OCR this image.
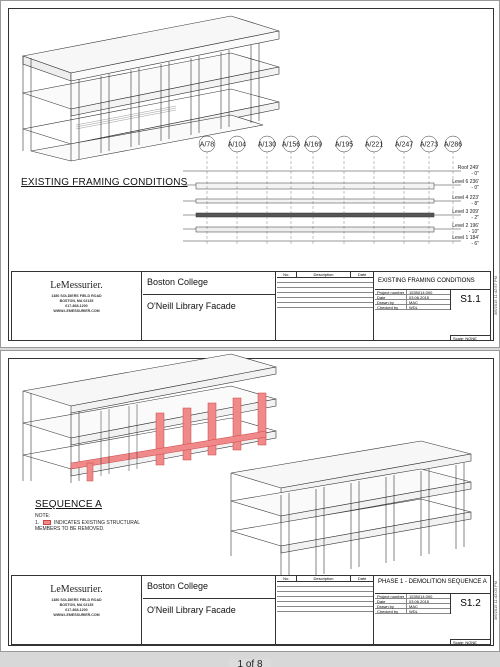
A/78 A/104 A/130 A/156 A/169 A/195 A/221 A/247 A/273 A/286
Roof 249'
- 0"
Level 6 236'
- 0"
Level 4 223'
- 8"
Level 3 209'
- 2"
Level 2 196'
- 10"
Level 1 184'
- 6"
EXISTING FRAMING CONDITIONS
LeMessurier.
1380 SOLDIERS FIELD ROAD
BOSTON, MA 02135
617-868-1200
WWW.LEMESSURIER.COM
Boston College
O'Neill Library Facade
No.	Description	Date
EXISTING FRAMING CONDITIONS
Project number	1535014.000
Date	03.06.2015
Drawn by	MAC
Checked by	WDL
S1.1
Scale: NONE
3/6/2015 11:42:57 PM
SEQUENCE A
NOTE:
1.	INDICATES EXISTING STRUCTURAL MEMBERS TO BE REMOVED.
LeMessurier.
1380 SOLDIERS FIELD ROAD
BOSTON, MA 02135
617-868-1200
WWW.LEMESSURIER.COM
Boston College
O'Neill Library Facade
No.	Description	Date
PHASE 1 - DEMOLITION SEQUENCE A
Project number	1535014.000
Date	03.06.2015
Drawn by	MAC
Checked by	WDL
S1.2
Scale: NONE
3/6/2015 11:43:03 PM
1 of 8
